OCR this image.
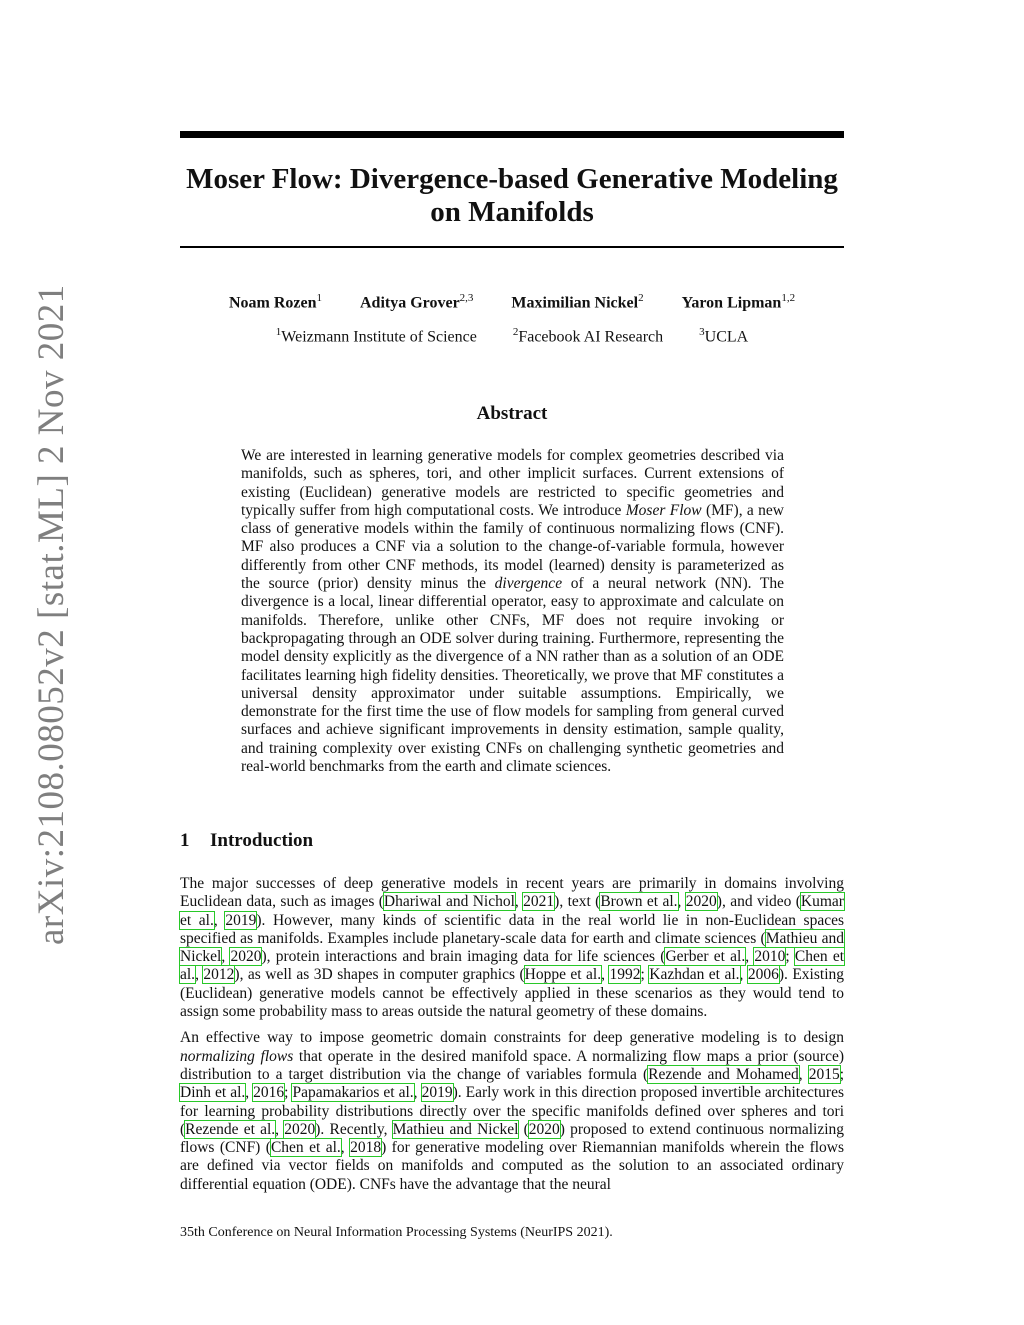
arXiv:2108.08052v2 [stat.ML] 2 Nov 2021
Moser Flow: Divergence-based Generative Modeling
on Manifolds
Noam Rozen$^1$ Aditya Grover$^{2,3}$ Maximilian Nickel$^2$ Yaron Lipman$^{1,2}$
$^1$Weizmann Institute of Science	$^2$Facebook AI Research	$^3$UCLA
Abstract

We are interested in learning generative models for complex geometries described via manifolds, such as spheres, tori, and other implicit surfaces. Current extensions of existing (Euclidean) generative models are restricted to specific geometries and typically suffer from high computational costs. We introduce Moser Flow (MF), a new class of generative models within the family of continuous normalizing flows (CNF). MF also produces a CNF via a solution to the change-of-variable formula, however differently from other CNF methods, its model (learned) density is parameterized as the source (prior) density minus the divergence of a neural network (NN). The divergence is a local, linear differential operator, easy to approximate and calculate on manifolds. Therefore, unlike other CNFs, MF does not require invoking or backpropagating through an ODE solver during training. Furthermore, representing the model density explicitly as the divergence of a NN rather than as a solution of an ODE facilitates learning high fidelity densities. Theoretically, we prove that MF constitutes a universal density approximator under suitable assumptions. Empirically, we demonstrate for the first time the use of flow models for sampling from general curved surfaces and achieve significant improvements in density estimation, sample quality, and training complexity over existing CNFs on challenging synthetic geometries and real-world benchmarks from the earth and climate sciences.

1 Introduction

The major successes of deep generative models in recent years are primarily in domains involving Euclidean data, such as images (Dhariwal and Nichol, 2021), text (Brown et al., 2020), and video (Kumar et al., 2019). However, many kinds of scientific data in the real world lie in non-Euclidean spaces specified as manifolds. Examples include planetary-scale data for earth and climate sciences (Mathieu and Nickel, 2020), protein interactions and brain imaging data for life sciences (Gerber et al., 2010; Chen et al., 2012), as well as 3D shapes in computer graphics (Hoppe et al., 1992; Kazhdan et al., 2006). Existing (Euclidean) generative models cannot be effectively applied in these scenarios as they would tend to assign some probability mass to areas outside the natural geometry of these domains.

An effective way to impose geometric domain constraints for deep generative modeling is to design normalizing flows that operate in the desired manifold space. A normalizing flow maps a prior (source) distribution to a target distribution via the change of variables formula (Rezende and Mohamed, 2015; Dinh et al., 2016; Papamakarios et al., 2019). Early work in this direction proposed invertible architectures for learning probability distributions directly over the specific manifolds defined over spheres and tori (Rezende et al., 2020). Recently, Mathieu and Nickel (2020) proposed to extend continuous normalizing flows (CNF) (Chen et al., 2018) for generative modeling over Riemannian manifolds wherein the flows are defined via vector fields on manifolds and computed as the solution to an associated ordinary differential equation (ODE). CNFs have the advantage that the neural

35th Conference on Neural Information Processing Systems (NeurIPS 2021).
